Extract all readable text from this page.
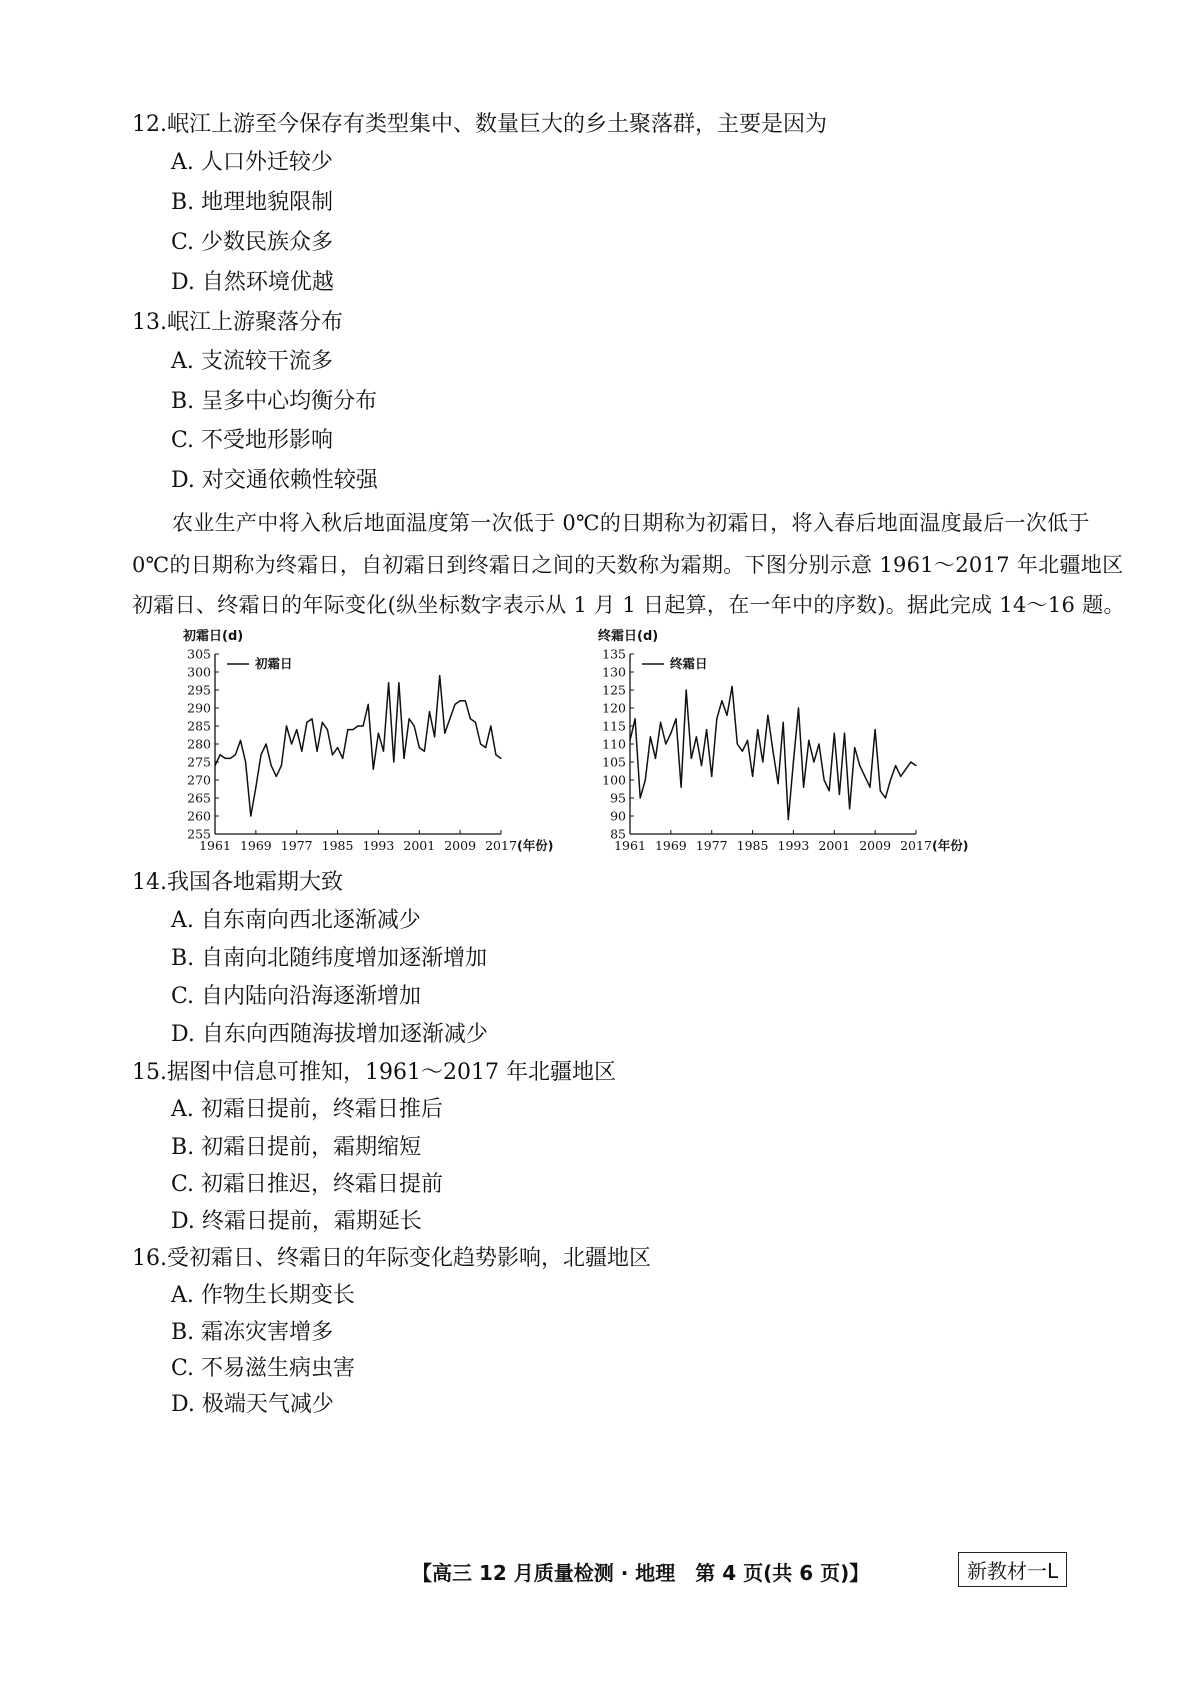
12.岷江上游至今保存有类型集中、数量巨大的乡土聚落群，主要是因为
A. 人口外迁较少
B. 地理地貌限制
C. 少数民族众多
D. 自然环境优越
13.岷江上游聚落分布
A. 支流较干流多
B. 呈多中心均衡分布
C. 不受地形影响
D. 对交通依赖性较强
农业生产中将入秋后地面温度第一次低于 0℃的日期称为初霜日，将入春后地面温度最后一次低于
0℃的日期称为终霜日，自初霜日到终霜日之间的天数称为霜期。下图分别示意 1961～2017 年北疆地区
初霜日、终霜日的年际变化(纵坐标数字表示从 1 月 1 日起算，在一年中的序数)。据此完成 14～16 题。
初霜日(d)
305
300
295
290
285
280
275
270
265
260
255
1961 1969 1977 1985 1993 2001 2009 2017 (年份)
初霜日
终霜日(d)
135
130
125
120
115
110
105
100
95
90
85
1961 1969 1977 1985 1993 2001 2009 2017 (年份)
终霜日
14.我国各地霜期大致
A. 自东南向西北逐渐减少
B. 自南向北随纬度增加逐渐增加
C. 自内陆向沿海逐渐增加
D. 自东向西随海拔增加逐渐减少
15.据图中信息可推知，1961～2017 年北疆地区
A. 初霜日提前，终霜日推后
B. 初霜日提前，霜期缩短
C. 初霜日推迟，终霜日提前
D. 终霜日提前，霜期延长
16.受初霜日、终霜日的年际变化趋势影响，北疆地区
A. 作物生长期变长
B. 霜冻灾害增多
C. 不易滋生病虫害
D. 极端天气减少
【高三 12 月质量检测 · 地理　第 4 页(共 6 页)】	新教材一L
